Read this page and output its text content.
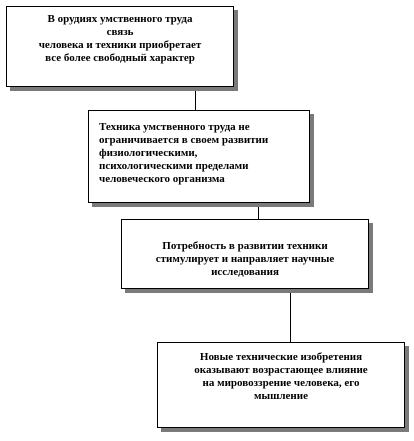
В орудиях умственного труда
связь
человека и техники приобретает
все более свободный характер
Техника умственного труда не
ограничивается в своем развитии
физиологическими,
психологическими пределами
человеческого организма
Потребность в развитии техники
стимулирует и направляет научные
исследования
Новые технические изобретения
оказывают возрастающее влияние
на мировоззрение человека, его
мышление
